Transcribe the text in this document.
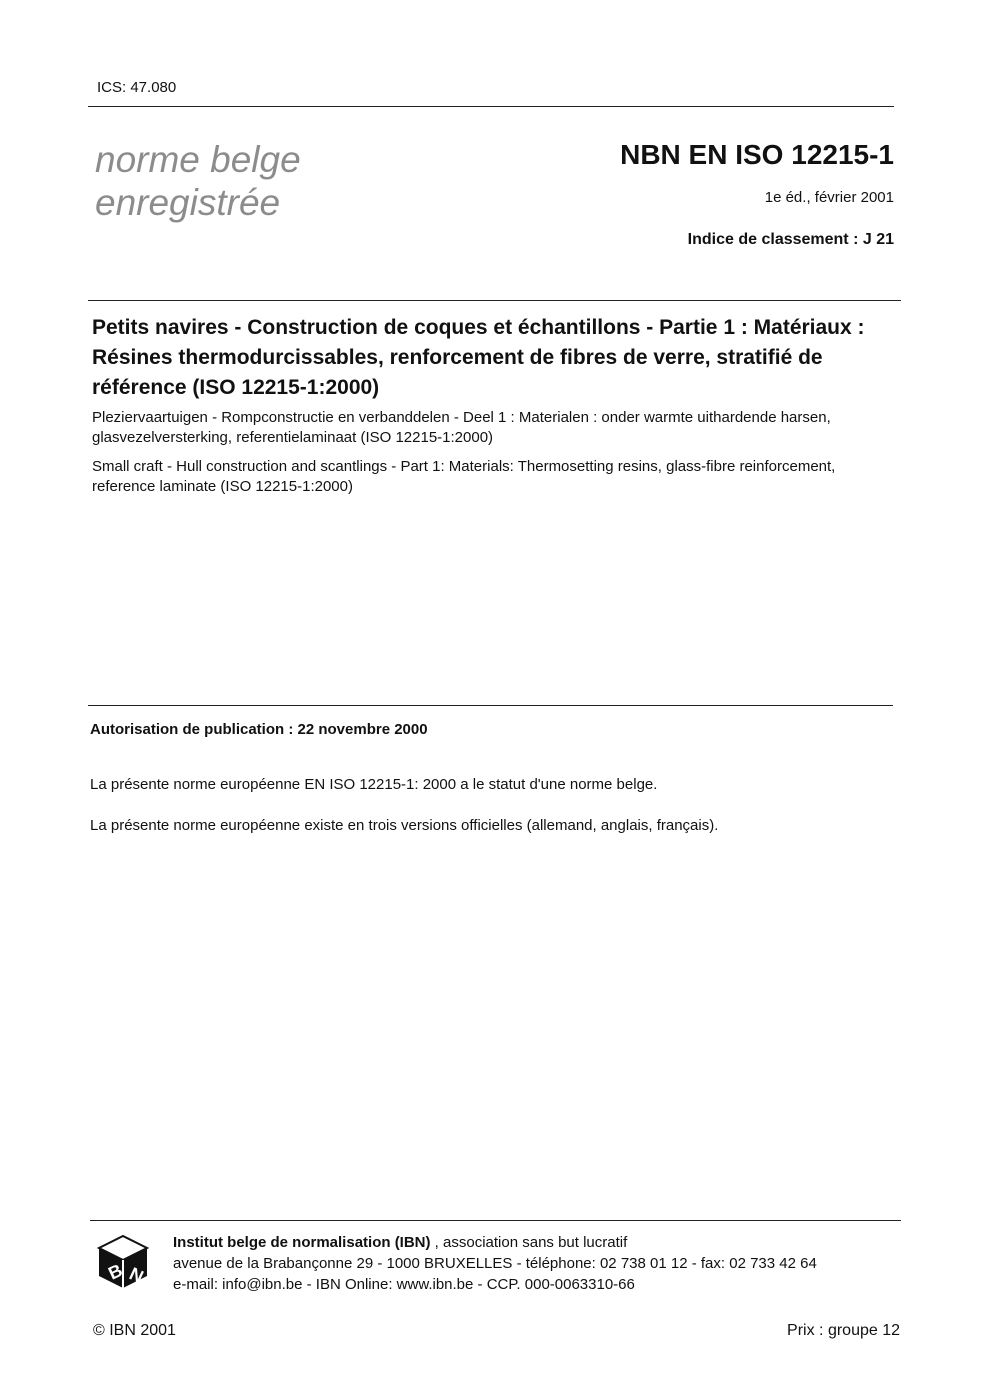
ICS: 47.080
norme belge
enregistrée
NBN EN ISO 12215-1
1e éd., février 2001
Indice de classement : J 21
Petits navires - Construction de coques et échantillons - Partie 1 : Matériaux : Résines thermodurcissables, renforcement de fibres de verre, stratifié de référence (ISO 12215-1:2000)
Pleziervaartuigen - Rompconstructie en verbanddelen - Deel 1 : Materialen : onder warmte uithardende harsen, glasvezelversterking, referentielaminaat (ISO 12215-1:2000)
Small craft - Hull construction and scantlings - Part 1: Materials: Thermosetting resins, glass-fibre reinforcement, reference laminate (ISO 12215-1:2000)
Autorisation de publication : 22 novembre 2000
La présente norme européenne EN ISO 12215-1: 2000 a le statut d'une norme belge.
La présente norme européenne existe en trois versions officielles (allemand, anglais, français).
B N
Institut belge de normalisation (IBN) , association sans but lucratif
avenue de la Brabançonne 29 - 1000 BRUXELLES - téléphone: 02 738 01 12 - fax: 02 733 42 64
e-mail: info@ibn.be - IBN Online: www.ibn.be - CCP. 000-0063310-66
© IBN 2001	Prix : groupe 12
